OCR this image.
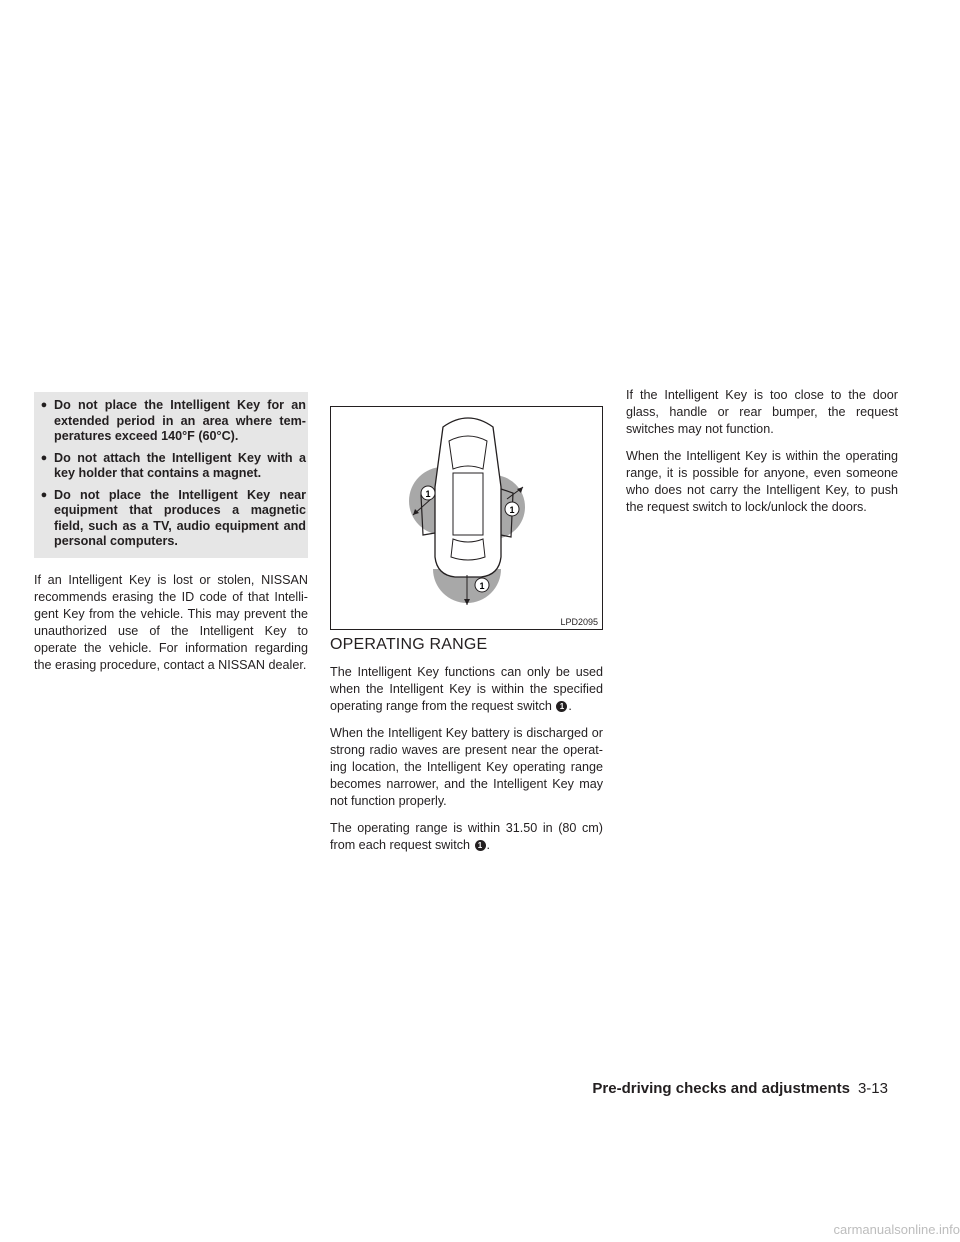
● Do not place the Intelligent Key for an extended period in an area where tem-peratures exceed 140°F (60°C).
● Do not attach the Intelligent Key with a key holder that contains a magnet.
● Do not place the Intelligent Key near equipment that produces a magnetic field, such as a TV, audio equipment and personal computers.

If an Intelligent Key is lost or stolen, NISSAN recommends erasing the ID code of that Intelli-gent Key from the vehicle. This may prevent the unauthorized use of the Intelligent Key to operate the vehicle. For information regarding the erasing procedure, contact a NISSAN dealer.

1
1
1
LPD2095
OPERATING RANGE

The Intelligent Key functions can only be used when the Intelligent Key is within the specified operating range from the request switch 1 .

When the Intelligent Key battery is discharged or strong radio waves are present near the operat-ing location, the Intelligent Key operating range becomes narrower, and the Intelligent Key may not function properly.

The operating range is within 31.50 in (80 cm) from each request switch 1 .

If the Intelligent Key is too close to the door glass, handle or rear bumper, the request switches may not function.

When the Intelligent Key is within the operating range, it is possible for anyone, even someone who does not carry the Intelligent Key, to push the request switch to lock/unlock the doors.

Pre-driving checks and adjustments 3-13
carmanualsonline.info
